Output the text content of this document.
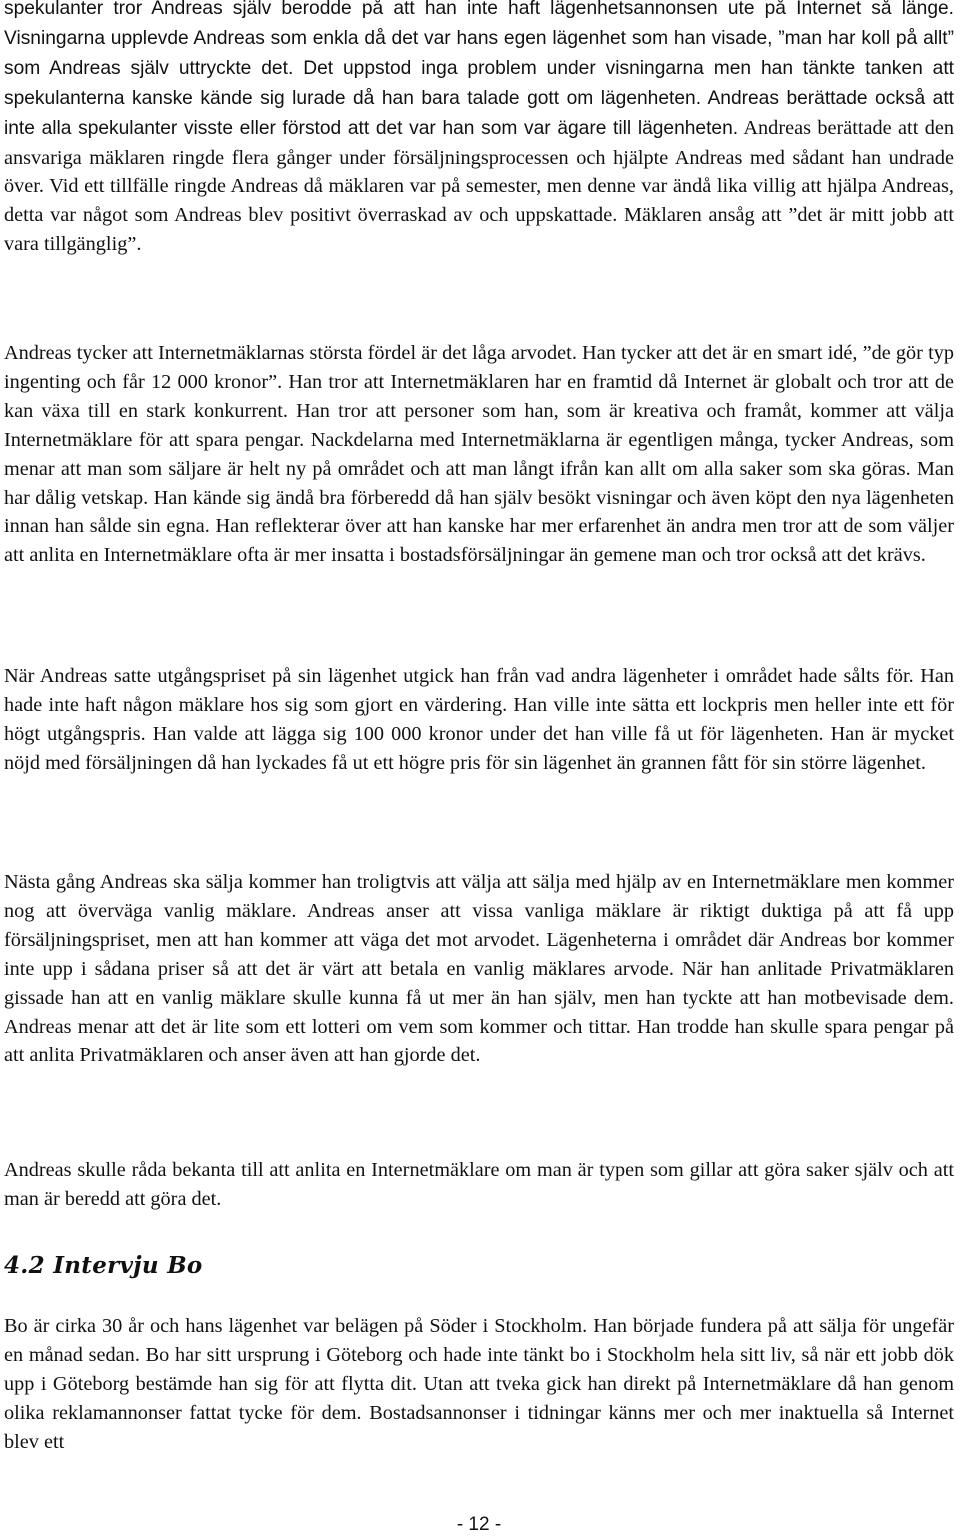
spekulanter tror Andreas själv berodde på att han inte haft lägenhetsannonsen ute på Internet så länge. Visningarna upplevde Andreas som enkla då det var hans egen lägenhet som han visade, ”man har koll på allt” som Andreas själv uttryckte det. Det uppstod inga problem under visningarna men han tänkte tanken att spekulanterna kanske kände sig lurade då han bara talade gott om lägenheten. Andreas berättade också att inte alla spekulanter visste eller förstod att det var han som var ägare till lägenheten. Andreas berättade att den ansvariga mäklaren ringde flera gånger under försäljningsprocessen och hjälpte Andreas med sådant han undrade över. Vid ett tillfälle ringde Andreas då mäklaren var på semester, men denne var ändå lika villig att hjälpa Andreas, detta var något som Andreas blev positivt överraskad av och uppskattade. Mäklaren ansåg att ”det är mitt jobb att vara tillgänglig”.

Andreas tycker att Internetmäklarnas största fördel är det låga arvodet. Han tycker att det är en smart idé, ”de gör typ ingenting och får 12 000 kronor”. Han tror att Internetmäklaren har en framtid då Internet är globalt och tror att de kan växa till en stark konkurrent. Han tror att personer som han, som är kreativa och framåt, kommer att välja Internetmäklare för att spara pengar. Nackdelarna med Internetmäklarna är egentligen många, tycker Andreas, som menar att man som säljare är helt ny på området och att man långt ifrån kan allt om alla saker som ska göras. Man har dålig vetskap. Han kände sig ändå bra förberedd då han själv besökt visningar och även köpt den nya lägenheten innan han sålde sin egna. Han reflekterar över att han kanske har mer erfarenhet än andra men tror att de som väljer att anlita en Internetmäklare ofta är mer insatta i bostadsförsäljningar än gemene man och tror också att det krävs.

När Andreas satte utgångspriset på sin lägenhet utgick han från vad andra lägenheter i området hade sålts för. Han hade inte haft någon mäklare hos sig som gjort en värdering. Han ville inte sätta ett lockpris men heller inte ett för högt utgångspris. Han valde att lägga sig 100 000 kronor under det han ville få ut för lägenheten. Han är mycket nöjd med försäljningen då han lyckades få ut ett högre pris för sin lägenhet än grannen fått för sin större lägenhet.

Nästa gång Andreas ska sälja kommer han troligtvis att välja att sälja med hjälp av en Internetmäklare men kommer nog att överväga vanlig mäklare. Andreas anser att vissa vanliga mäklare är riktigt duktiga på att få upp försäljningspriset, men att han kommer att väga det mot arvodet. Lägenheterna i området där Andreas bor kommer inte upp i sådana priser så att det är värt att betala en vanlig mäklares arvode. När han anlitade Privatmäklaren gissade han att en vanlig mäklare skulle kunna få ut mer än han själv, men han tyckte att han motbevisade dem. Andreas menar att det är lite som ett lotteri om vem som kommer och tittar. Han trodde han skulle spara pengar på att anlita Privatmäklaren och anser även att han gjorde det.

Andreas skulle råda bekanta till att anlita en Internetmäklare om man är typen som gillar att göra saker själv och att man är beredd att göra det.

4.2 Intervju Bo

Bo är cirka 30 år och hans lägenhet var belägen på Söder i Stockholm. Han började fundera på att sälja för ungefär en månad sedan. Bo har sitt ursprung i Göteborg och hade inte tänkt bo i Stockholm hela sitt liv, så när ett jobb dök upp i Göteborg bestämde han sig för att flytta dit. Utan att tveka gick han direkt på Internetmäklare då han genom olika reklamannonser fattat tycke för dem. Bostadsannonser i tidningar känns mer och mer inaktuella så Internet blev ett

- 12 -
